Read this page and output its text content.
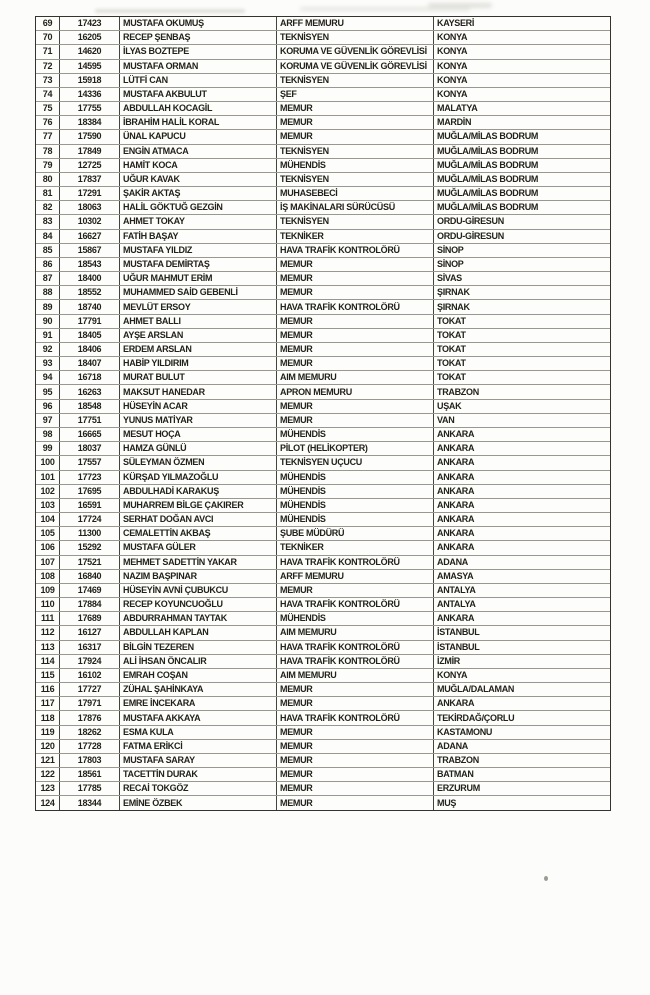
69	17423	MUSTAFA OKUMUŞ	ARFF MEMURU	KAYSERİ
70	16205	RECEP ŞENBAŞ	TEKNİSYEN	KONYA
71	14620	İLYAS BOZTEPE	KORUMA VE GÜVENLİK GÖREVLİSİ	KONYA
72	14595	MUSTAFA ORMAN	KORUMA VE GÜVENLİK GÖREVLİSİ	KONYA
73	15918	LÜTFİ CAN	TEKNİSYEN	KONYA
74	14336	MUSTAFA AKBULUT	ŞEF	KONYA
75	17755	ABDULLAH KOCAGİL	MEMUR	MALATYA
76	18384	İBRAHİM HALİL KORAL	MEMUR	MARDİN
77	17590	ÜNAL KAPUCU	MEMUR	MUĞLA/MİLAS BODRUM
78	17849	ENGİN ATMACA	TEKNİSYEN	MUĞLA/MİLAS BODRUM
79	12725	HAMİT KOCA	MÜHENDİS	MUĞLA/MİLAS BODRUM
80	17837	UĞUR KAVAK	TEKNİSYEN	MUĞLA/MİLAS BODRUM
81	17291	ŞAKİR AKTAŞ	MUHASEBECİ	MUĞLA/MİLAS BODRUM
82	18063	HALİL GÖKTUĞ GEZGİN	İŞ MAKİNALARI SÜRÜCÜSÜ	MUĞLA/MİLAS BODRUM
83	10302	AHMET TOKAY	TEKNİSYEN	ORDU-GİRESUN
84	16627	FATİH BAŞAY	TEKNİKER	ORDU-GİRESUN
85	15867	MUSTAFA YILDIZ	HAVA TRAFİK KONTROLÖRÜ	SİNOP
86	18543	MUSTAFA DEMİRTAŞ	MEMUR	SİNOP
87	18400	UĞUR MAHMUT ERİM	MEMUR	SİVAS
88	18552	MUHAMMED SAİD GEBENLİ	MEMUR	ŞIRNAK
89	18740	MEVLÜT ERSOY	HAVA TRAFİK KONTROLÖRÜ	ŞIRNAK
90	17791	AHMET BALLI	MEMUR	TOKAT
91	18405	AYŞE ARSLAN	MEMUR	TOKAT
92	18406	ERDEM ARSLAN	MEMUR	TOKAT
93	18407	HABİP YILDIRIM	MEMUR	TOKAT
94	16718	MURAT BULUT	AIM MEMURU	TOKAT
95	16263	MAKSUT HANEDAR	APRON MEMURU	TRABZON
96	18548	HÜSEYİN ACAR	MEMUR	UŞAK
97	17751	YUNUS MATİYAR	MEMUR	VAN
98	16665	MESUT HOÇA	MÜHENDİS	ANKARA
99	18037	HAMZA GÜNLÜ	PİLOT (HELİKOPTER)	ANKARA
100	17557	SÜLEYMAN ÖZMEN	TEKNİSYEN UÇUCU	ANKARA
101	17723	KÜRŞAD YILMAZOĞLU	MÜHENDİS	ANKARA
102	17695	ABDULHADİ KARAKUŞ	MÜHENDİS	ANKARA
103	16591	MUHARREM BİLGE ÇAKIRER	MÜHENDİS	ANKARA
104	17724	SERHAT DOĞAN AVCI	MÜHENDİS	ANKARA
105	11300	CEMALETTİN AKBAŞ	ŞUBE MÜDÜRÜ	ANKARA
106	15292	MUSTAFA GÜLER	TEKNİKER	ANKARA
107	17521	MEHMET SADETTİN YAKAR	HAVA TRAFİK KONTROLÖRÜ	ADANA
108	16840	NAZIM BAŞPINAR	ARFF MEMURU	AMASYA
109	17469	HÜSEYİN AVNİ ÇUBUKCU	MEMUR	ANTALYA
110	17884	RECEP KOYUNCUOĞLU	HAVA TRAFİK KONTROLÖRÜ	ANTALYA
111	17689	ABDURRAHMAN TAYTAK	MÜHENDİS	ANKARA
112	16127	ABDULLAH KAPLAN	AIM MEMURU	İSTANBUL
113	16317	BİLGİN TEZEREN	HAVA TRAFİK KONTROLÖRÜ	İSTANBUL
114	17924	ALİ İHSAN ÖNCALIR	HAVA TRAFİK KONTROLÖRÜ	İZMİR
115	16102	EMRAH COŞAN	AIM MEMURU	KONYA
116	17727	ZÜHAL ŞAHİNKAYA	MEMUR	MUĞLA/DALAMAN
117	17971	EMRE İNCEKARA	MEMUR	ANKARA
118	17876	MUSTAFA AKKAYA	HAVA TRAFİK KONTROLÖRÜ	TEKİRDAĞ/ÇORLU
119	18262	ESMA KULA	MEMUR	KASTAMONU
120	17728	FATMA ERİKCİ	MEMUR	ADANA
121	17803	MUSTAFA SARAY	MEMUR	TRABZON
122	18561	TACETTİN DURAK	MEMUR	BATMAN
123	17785	RECAİ TOKGÖZ	MEMUR	ERZURUM
124	18344	EMİNE ÖZBEK	MEMUR	MUŞ
